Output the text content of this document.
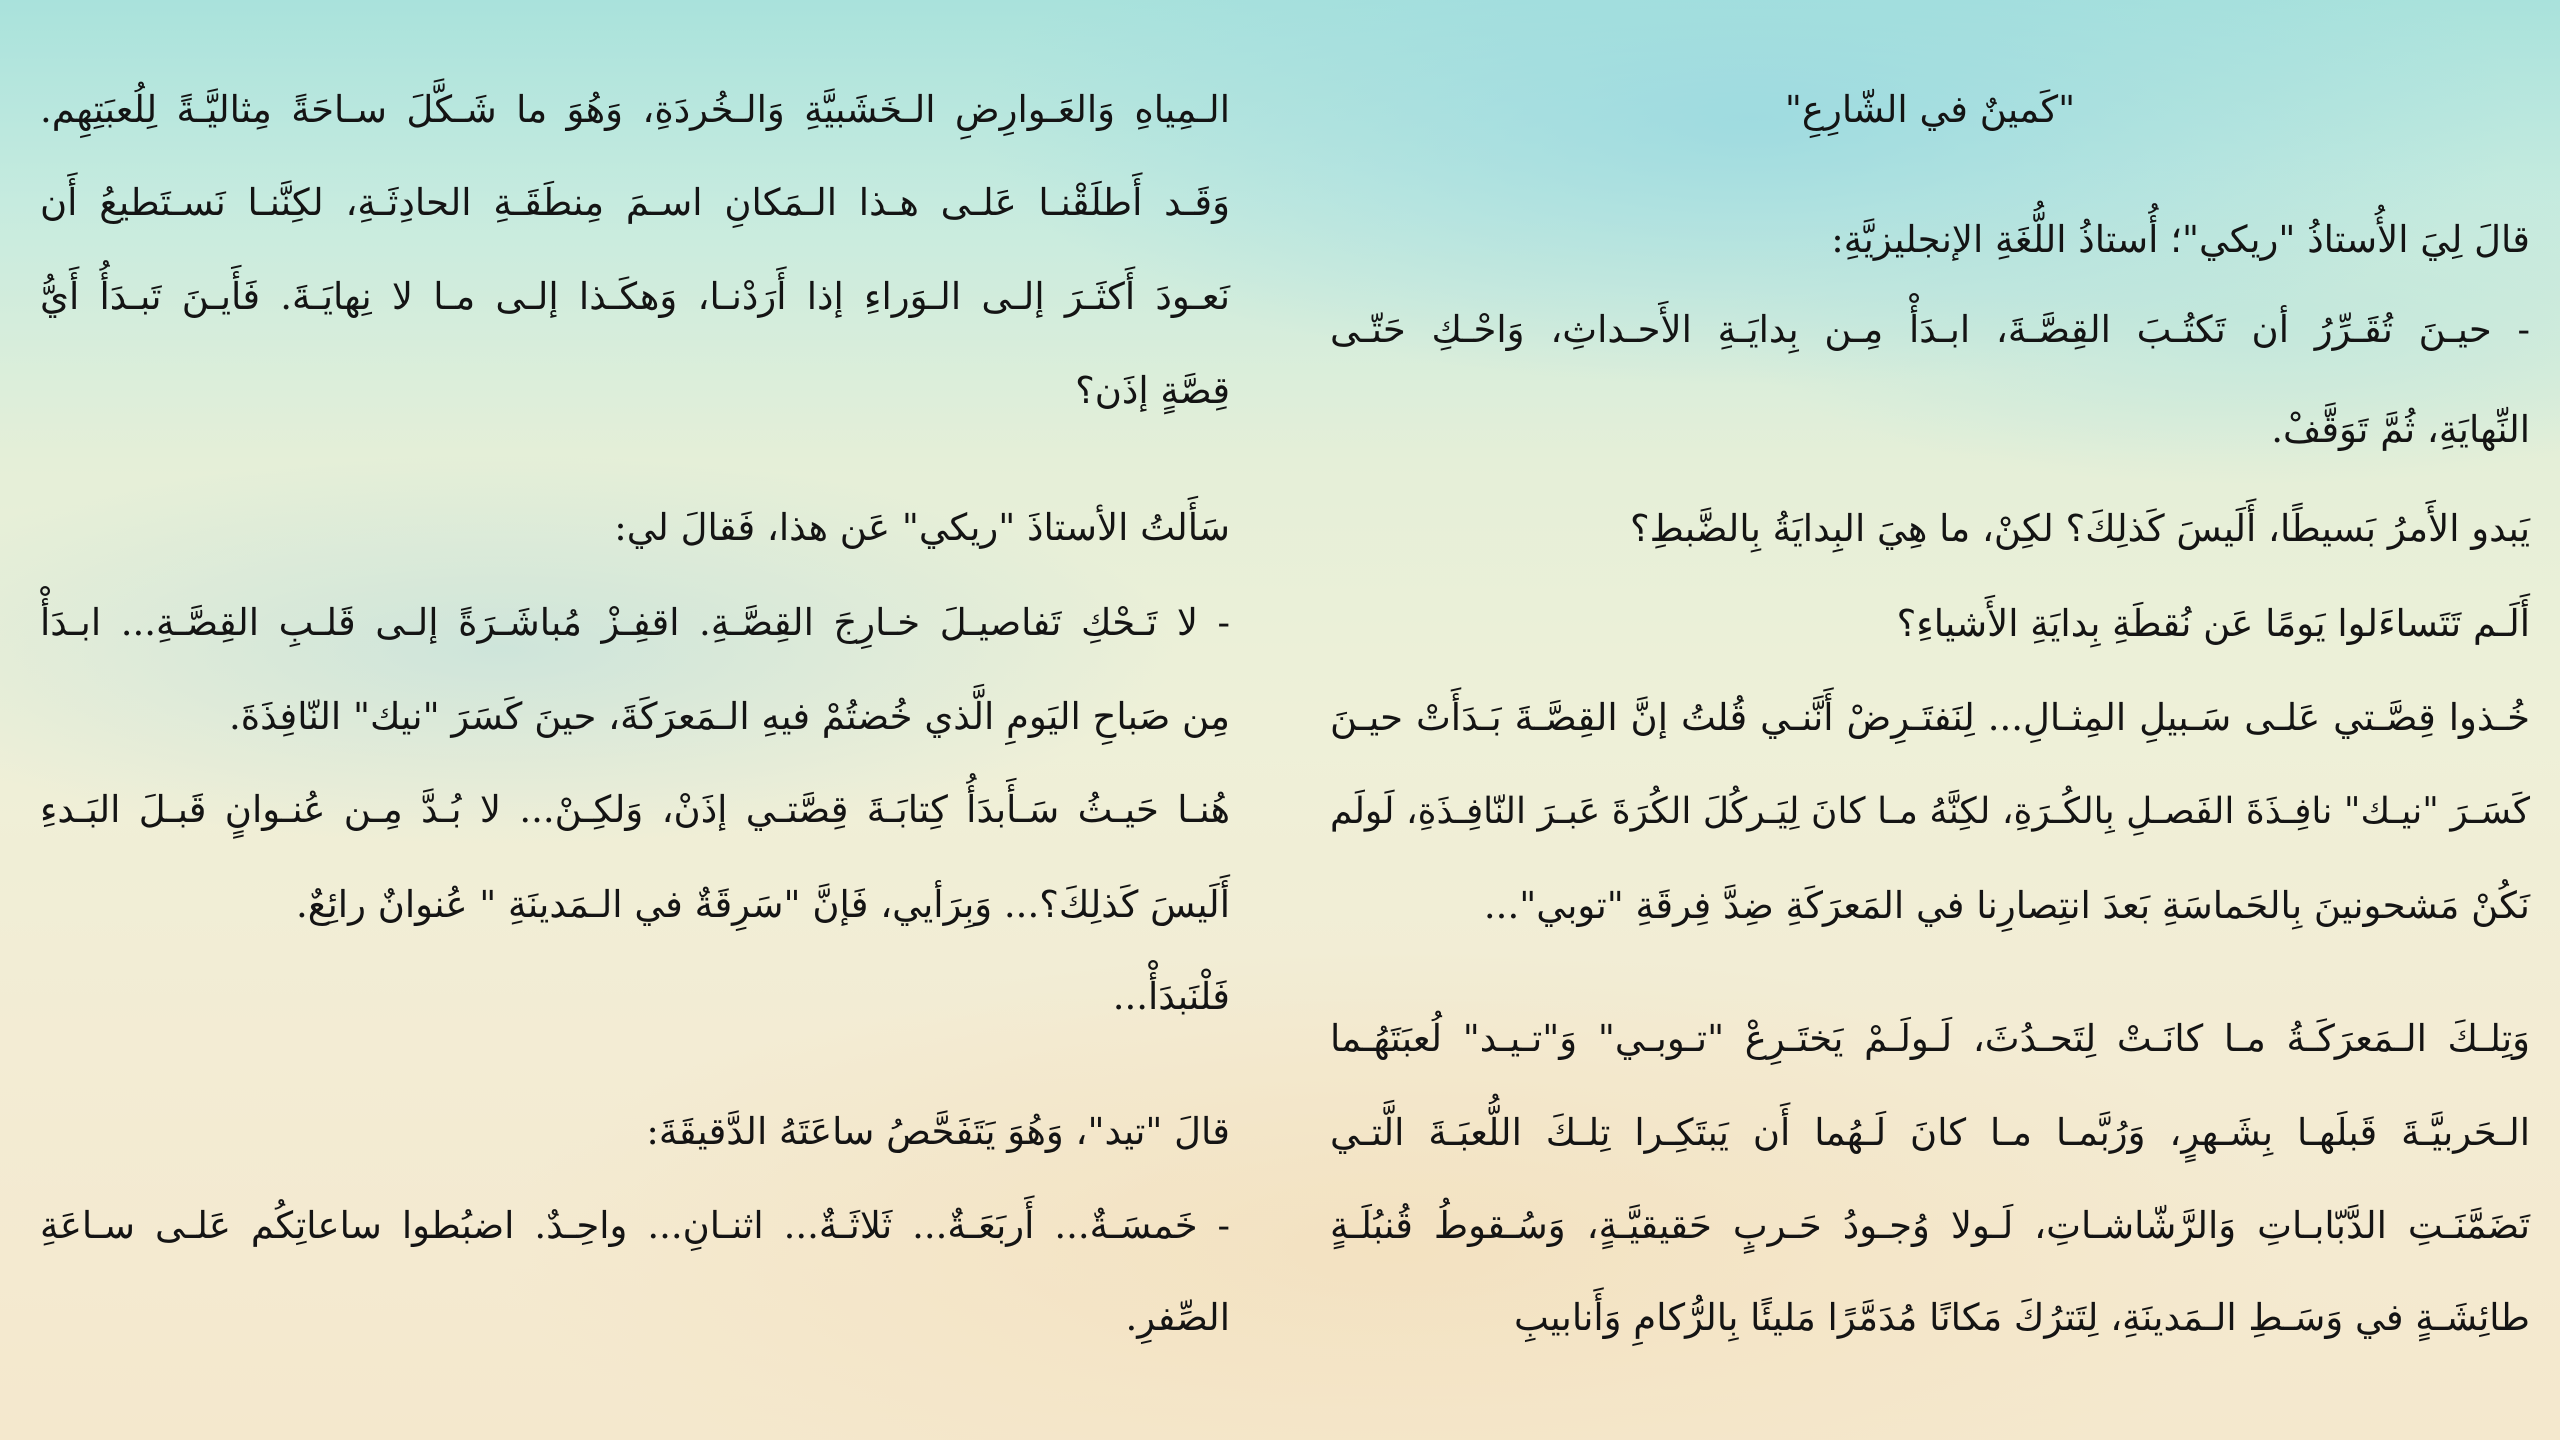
"كَمينٌ في الشّارِعِ"
قالَ لِيَ الأُستاذُ "ريكي"؛ أُستاذُ اللُّغَةِ الإنجليزيَّةِ:
- حيـنَ تُقَـرِّرُ أن تَكتُـبَ القِصَّـةَ، ابـدَأْ مِـن بِدايَـةِ الأَحـداثِ، وَاحْـكِ حَتّـى
النِّهايَةِ، ثُمَّ تَوَقَّفْ.
يَبدو الأَمرُ بَسيطًا، أَلَيسَ كَذلِكَ؟ لكِنْ، ما هِيَ البِدايَةُ بِالضَّبطِ؟
أَلَـم تَتَساءَلوا يَومًا عَن نُقطَةِ بِدايَةِ الأَشياءِ؟
خُـذوا قِصَّـتي عَلـى سَـبيلِ المِثـالِ... لِنَفتَـرِضْ أَنَّنـي قُلتُ إنَّ القِصَّـةَ بَـدَأَتْ حيـنَ
كَسَـرَ "نيـك" نافِـذَةَ الفَصـلِ بِالكُـرَةِ، لكِنَّهُ مـا كانَ لِيَـركُلَ الكُرَةَ عَبـرَ النّافِـذَةِ، لَولَم
نَكُنْ مَشحونينَ بِالحَماسَةِ بَعدَ انتِصارِنا في المَعرَكَةِ ضِدَّ فِرقَةِ "توبي"...
وَتِلـكَ الـمَعرَكَـةُ مـا كانَـتْ لِتَحـدُثَ، لَـولَـمْ يَختَـرِعْ "تـوبـي" وَ"تـيـد" لُعبَتَهُـما
الـحَربيَّـةَ قَبلَهـا بِشَـهرٍ، وَرُبَّمـا مـا كانَ لَـهُما أَن يَبتَكِـرا تِلـكَ اللُّعبَـةَ الَّتـي
تَضَمَّنَـتِ الدَّبّابـاتِ وَالرَّشّاشـاتِ، لَـولا وُجـودُ حَـربٍ حَقيقيَّـةٍ، وَسُـقوطُ قُنبُلَـةٍ
طائِشَـةٍ في وَسَـطِ الـمَدينَةِ، لِتَترُكَ مَكانًا مُدَمَّرًا مَليئًا بِالرُّكامِ وَأَنابيبِ
الـمِياهِ وَالعَـوارِضِ الـخَشَبيَّةِ وَالـخُردَةِ، وَهُوَ ما شَـكَّلَ سـاحَةً مِثاليَّـةً لِلُعبَتِهِم.
وَقَـد أَطلَقْنـا عَلـى هـذا الـمَكانِ اسـمَ مِنطَقَـةِ الحادِثَـةِ، لكِنَّنـا نَسـتَطيعُ أَن
نَعـودَ أَكثَـرَ إلـى الـوَراءِ إذا أَرَدْنـا، وَهكَـذا إلـى مـا لا نِهايَـةَ. فَأَيـنَ تَبـدَأُ أَيُّ
قِصَّةٍ إذَن؟
سَأَلتُ الأستاذَ "ريكي" عَن هذا، فَقالَ لي:
- لا تَـحْكِ تَفاصيـلَ خـارِجَ القِصَّـةِ. اقفِـزْ مُباشَـرَةً إلـى قَلـبِ القِصَّـةِ... ابـدَأْ
مِن صَباحِ اليَومِ الَّذي خُضتُمْ فيهِ الـمَعرَكَةَ، حينَ كَسَرَ "نيك" النّافِذَةَ.
هُنـا حَيـثُ سَـأَبدَأُ كِتابَـةَ قِصَّتـي إذَنْ، وَلكِـنْ... لا بُـدَّ مِـن عُنـوانٍ قَبـلَ البَـدءِ
أَلَيسَ كَذلِكَ؟... وَبِرَأيي، فَإنَّ "سَرِقَةٌ في الـمَدينَةِ " عُنوانٌ رائِعٌ.
فَلْنَبدَأْ...
قالَ "تيد"، وَهُوَ يَتَفَحَّصُ ساعَتَهُ الدَّقيقَةَ:
- خَمسَـةٌ... أَربَعَـةٌ... ثَلاثَـةٌ... اثنـانِ... واحِـدٌ. اضبُطوا ساعاتِكُم عَلـى سـاعَةِ
الصِّفرِ.
